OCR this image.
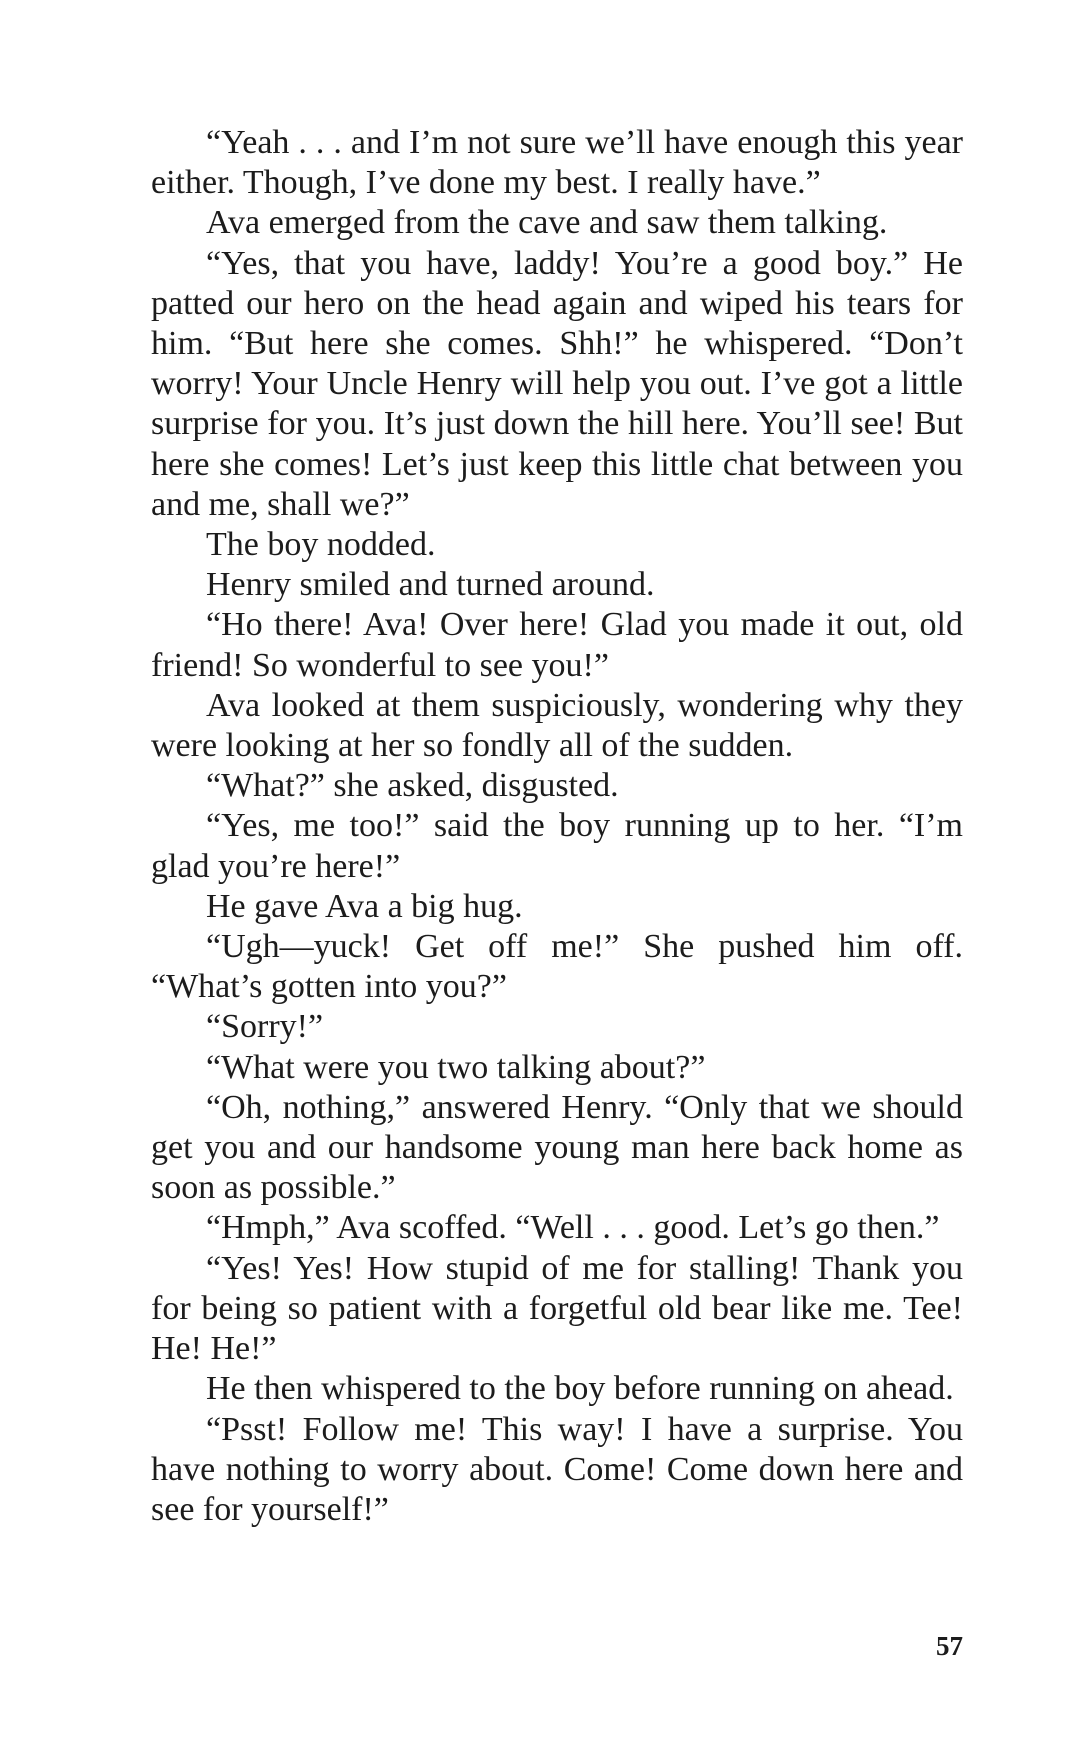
“Yeah . . . and I’m not sure we’ll have enough this year either. Though, I’ve done my best. I really have.”

Ava emerged from the cave and saw them talking.

“Yes, that you have, laddy! You’re a good boy.” He patted our hero on the head again and wiped his tears for him. “But here she comes. Shh!” he whispered. “Don’t worry! Your Uncle Henry will help you out. I’ve got a little surprise for you. It’s just down the hill here. You’ll see! But here she comes! Let’s just keep this little chat between you and me, shall we?”

The boy nodded.

Henry smiled and turned around.

“Ho there! Ava! Over here! Glad you made it out, old friend! So wonderful to see you!”

Ava looked at them suspiciously, wondering why they were looking at her so fondly all of the sudden.

“What?” she asked, disgusted.

“Yes, me too!” said the boy running up to her. “I’m glad you’re here!”

He gave Ava a big hug.

“Ugh—yuck! Get off me!” She pushed him off. “What’s gotten into you?”

“Sorry!”

“What were you two talking about?”

“Oh, nothing,” answered Henry. “Only that we should get you and our handsome young man here back home as soon as possible.”

“Hmph,” Ava scoffed. “Well . . . good. Let’s go then.”

“Yes! Yes! How stupid of me for stalling! Thank you for being so patient with a forgetful old bear like me. Tee! He! He!”

He then whispered to the boy before running on ahead.

“Psst! Follow me! This way! I have a surprise. You have nothing to worry about. Come! Come down here and see for yourself!”

57
